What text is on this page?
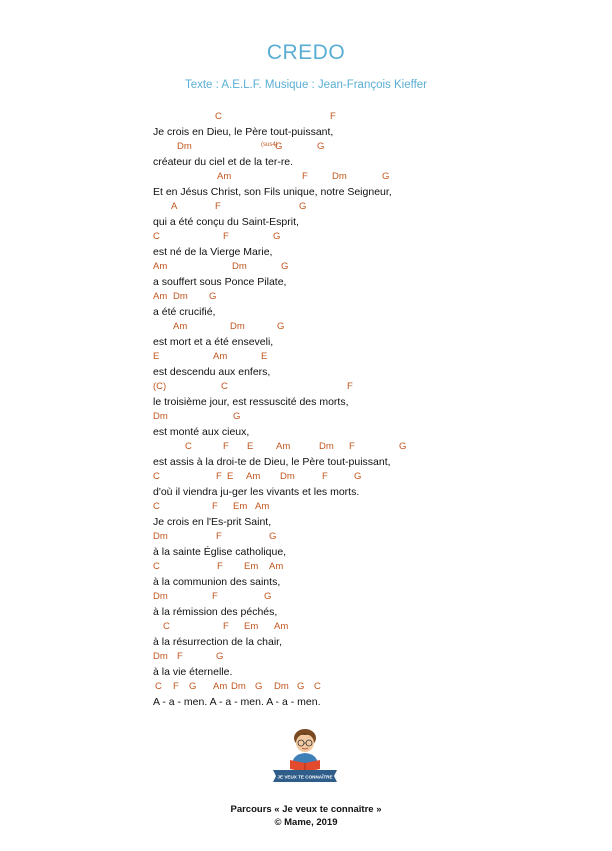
CREDO
Texte : A.E.L.F. Musique : Jean-François Kieffer
C	F
Je crois en Dieu, le Père tout-puissant,
Dm	$^{(sus4)}$
G	G
créateur du ciel et de la ter-re.
Am	F	Dm	G
Et en Jésus Christ, son Fils unique, notre Seigneur,
A	F	G
qui a été conçu du Saint-Esprit,
C	F	G
est né de la Vierge Marie,
Am	Dm	G
a souffert sous Ponce Pilate,
Am Dm G
a été crucifié,
Am	Dm	G
est mort et a été enseveli,
E	Am	E
est descendu aux enfers,
(C)	C	F
le troisième jour, est ressuscité des morts,
Dm	G
est monté aux cieux,
C	F E Am	Dm F	G
est assis à la droi-te de Dieu, le Père tout-puissant,
C	F E Am Dm	F	G
d'où il viendra ju-ger les vivants et les morts.
C	F Em Am
Je crois en l'Es-prit Saint,
Dm	F	G
à la sainte Église catholique,
C	F Em Am
à la communion des saints,
Dm	F	G
à la rémission des péchés,
C	F Em Am
à la résurrection de la chair,
Dm F	G
à la vie éternelle.
C F G Am Dm G Dm G C
A - a - men. A - a - men. A - a - men.
JE VEUX TE CONNAÎTRE
Parcours « Je veux te connaître »
© Mame, 2019
